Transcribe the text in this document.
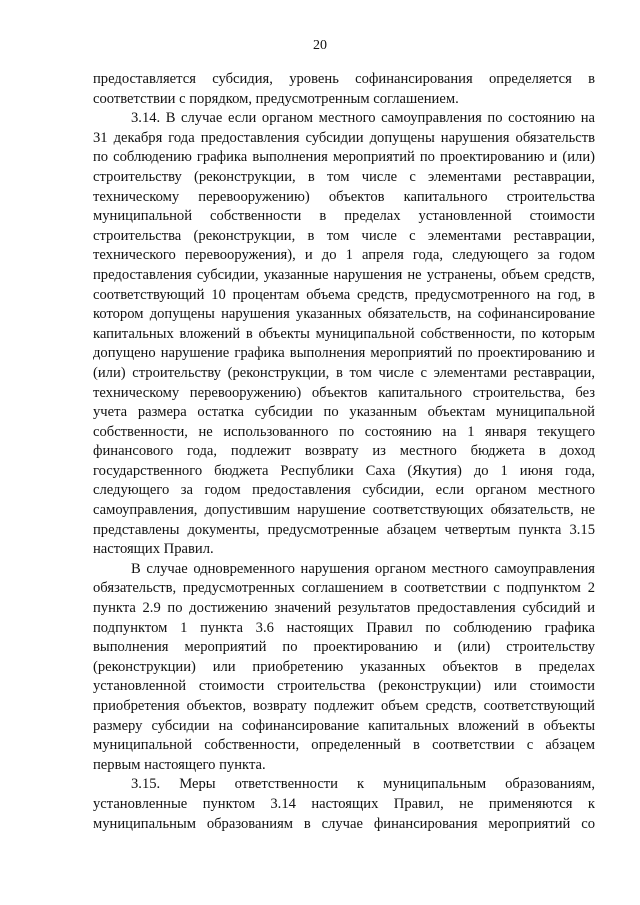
20

предоставляется субсидия, уровень софинансирования определяется в соответствии с порядком, предусмотренным соглашением.

3.14. В случае если органом местного самоуправления по состоянию на 31 декабря года предоставления субсидии допущены нарушения обязательств по соблюдению графика выполнения мероприятий по проектированию и (или) строительству (реконструкции, в том числе с элементами реставрации, техническому перевооружению) объектов капитального строительства муниципальной собственности в пределах установленной стоимости строительства (реконструкции, в том числе с элементами реставрации, технического перевооружения), и до 1 апреля года, следующего за годом предоставления субсидии, указанные нарушения не устранены, объем средств, соответствующий 10 процентам объема средств, предусмотренного на год, в котором допущены нарушения указанных обязательств, на софинансирование капитальных вложений в объекты муниципальной собственности, по которым допущено нарушение графика выполнения мероприятий по проектированию и (или) строительству (реконструкции, в том числе с элементами реставрации, техническому перевооружению) объектов капитального строительства, без учета размера остатка субсидии по указанным объектам муниципальной собственности, не использованного по состоянию на 1 января текущего финансового года, подлежит возврату из местного бюджета в доход государственного бюджета Республики Саха (Якутия) до 1 июня года, следующего за годом предоставления субсидии, если органом местного самоуправления, допустившим нарушение соответствующих обязательств, не представлены документы, предусмотренные абзацем четвертым пункта 3.15 настоящих Правил.

В случае одновременного нарушения органом местного самоуправления обязательств, предусмотренных соглашением в соответствии с подпунктом 2 пункта 2.9 по достижению значений результатов предоставления субсидий и подпунктом 1 пункта 3.6 настоящих Правил по соблюдению графика выполнения мероприятий по проектированию и (или) строительству (реконструкции) или приобретению указанных объектов в пределах установленной стоимости строительства (реконструкции) или стоимости приобретения объектов, возврату подлежит объем средств, соответствующий размеру субсидии на софинансирование капитальных вложений в объекты муниципальной собственности, определенный в соответствии с абзацем первым настоящего пункта.

3.15. Меры ответственности к муниципальным образованиям, установленные пунктом 3.14 настоящих Правил, не применяются к муниципальным образованиям в случае финансирования мероприятий со
